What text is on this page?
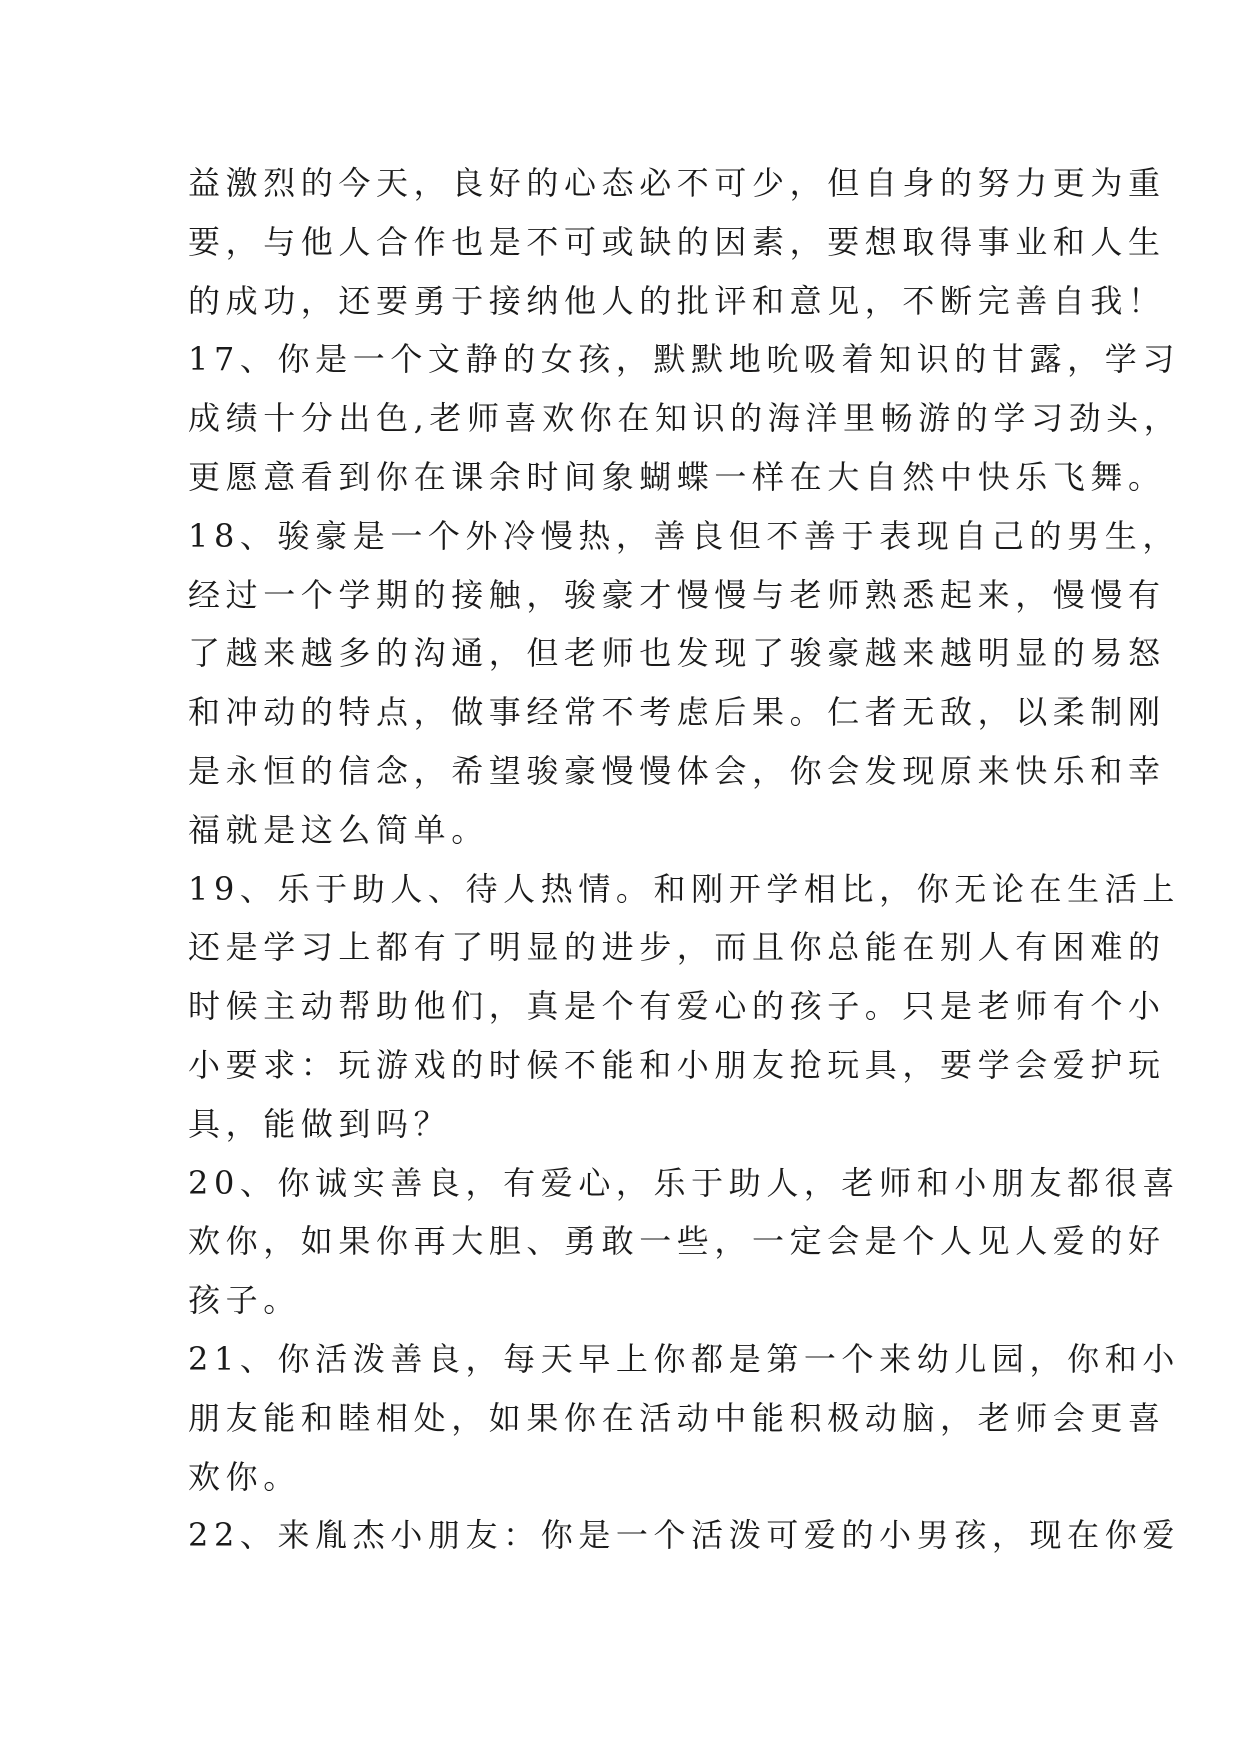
益激烈的今天，良好的心态必不可少，但自身的努力更为重
要，与他人合作也是不可或缺的因素，要想取得事业和人生
的成功，还要勇于接纳他人的批评和意见，不断完善自我！
17、你是一个文静的女孩，默默地吮吸着知识的甘露，学习
成绩十分出色,老师喜欢你在知识的海洋里畅游的学习劲头，
更愿意看到你在课余时间象蝴蝶一样在大自然中快乐飞舞。
18、骏豪是一个外冷慢热，善良但不善于表现自己的男生，
经过一个学期的接触，骏豪才慢慢与老师熟悉起来，慢慢有
了越来越多的沟通，但老师也发现了骏豪越来越明显的易怒
和冲动的特点，做事经常不考虑后果。仁者无敌，以柔制刚
是永恒的信念，希望骏豪慢慢体会，你会发现原来快乐和幸
福就是这么简单。
19、乐于助人、待人热情。和刚开学相比，你无论在生活上
还是学习上都有了明显的进步，而且你总能在别人有困难的
时候主动帮助他们，真是个有爱心的孩子。只是老师有个小
小要求：玩游戏的时候不能和小朋友抢玩具，要学会爱护玩
具，能做到吗？
20、你诚实善良，有爱心，乐于助人，老师和小朋友都很喜
欢你，如果你再大胆、勇敢一些，一定会是个人见人爱的好
孩子。
21、你活泼善良，每天早上你都是第一个来幼儿园，你和小
朋友能和睦相处，如果你在活动中能积极动脑，老师会更喜
欢你。
22、来胤杰小朋友：你是一个活泼可爱的小男孩，现在你爱
